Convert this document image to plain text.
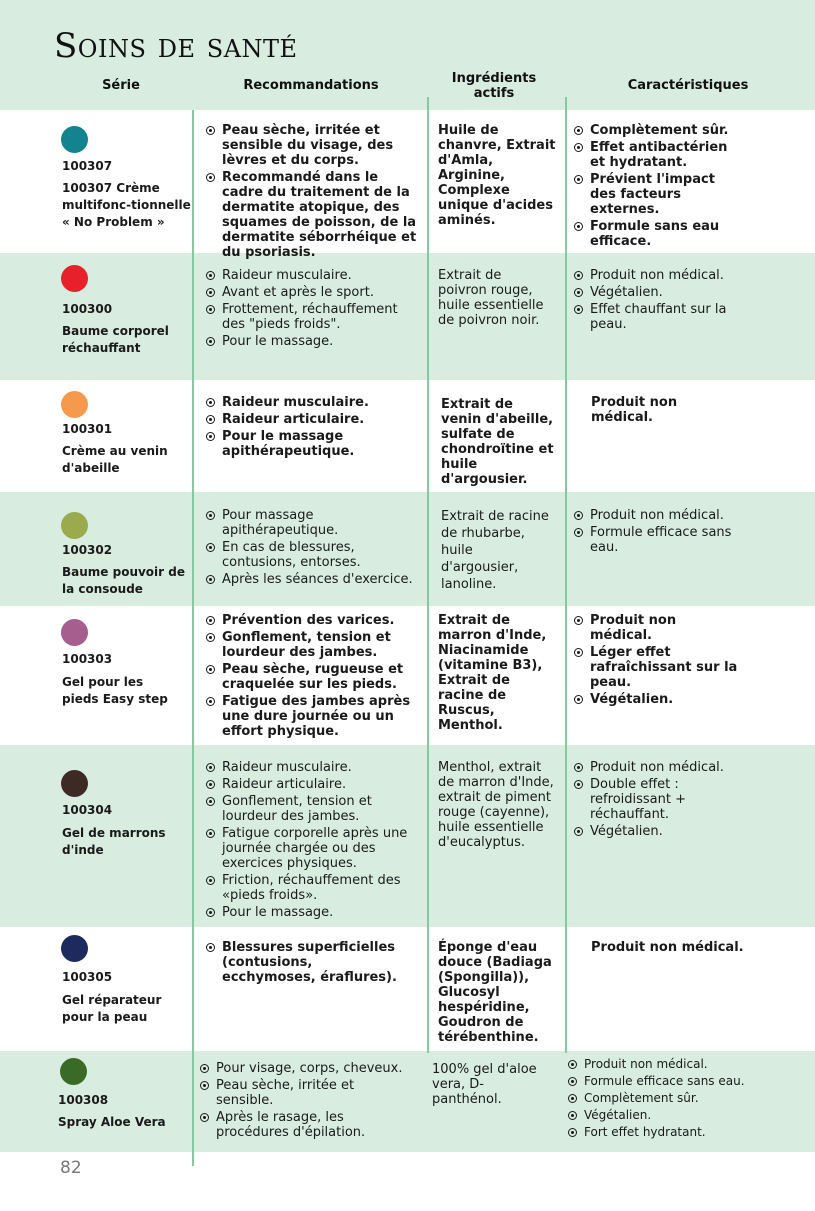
Soins de santé
Série	Recommandations	Ingrédients
actifs
Caractéristiques
100307
100307 Crème multifonc-tionnelle « No Problem »
Peau sèche, irritée et sensible du visage, des lèvres et du corps.
Recommandé dans le cadre du traitement de la dermatite atopique, des squames de poisson, de la dermatite séborrhéique et du psoriasis.
Huile de chanvre, Extrait d'Amla, Arginine, Complexe unique d'acides aminés.
Complètement sûr.
Effet antibactérien et hydratant.
Prévient l'impact des facteurs externes.
Formule sans eau efficace.
100300
Baume corporel réchauffant
Raideur musculaire.
Avant et après le sport.
Frottement, réchauffement des "pieds froids".
Pour le massage.
Extrait de poivron rouge, huile essentielle de poivron noir.
Produit non médical.
Végétalien.
Effet chauffant sur la peau.
100301
Crème au venin d'abeille
Raideur musculaire.
Raideur articulaire.
Pour le massage apithérapeutique.
Extrait de venin d'abeille, sulfate de chondroïtine et huile d'argousier.
Produit non médical.
100302
Baume pouvoir de la consoude
Pour massage apithérapeutique.
En cas de blessures, contusions, entorses.
Après les séances d'exercice.
Extrait de racine de rhubarbe, huile d'argousier, lanoline.
Produit non médical.
Formule efficace sans eau.
100303
Gel pour les pieds Easy step
Prévention des varices.
Gonflement, tension et lourdeur des jambes.
Peau sèche, rugueuse et craquelée sur les pieds.
Fatigue des jambes après une dure journée ou un effort physique.
Extrait de marron d'Inde, Niacinamide (vitamine B3), Extrait de racine de Ruscus, Menthol.
Produit non médical.
Léger effet rafraîchissant sur la peau.
Végétalien.
100304
Gel de marrons d'inde
Raideur musculaire.
Raideur articulaire.
Gonflement, tension et lourdeur des jambes.
Fatigue corporelle après une journée chargée ou des exercices physiques.
Friction, réchauffement des «pieds froids».
Pour le massage.
Menthol, extrait de marron d'Inde, extrait de piment rouge (cayenne), huile essentielle d'eucalyptus.
Produit non médical.
Double effet : refroidissant + réchauffant.
Végétalien.
100305
Gel réparateur pour la peau
Blessures superficielles (contusions, ecchymoses, éraflures).
Éponge d'eau douce (Badiaga (Spongilla)), Glucosyl hespéridine, Goudron de térébenthine.
Produit non médical.
100308
Spray Aloe Vera
Pour visage, corps, cheveux.
Peau sèche, irritée et sensible.
Après le rasage, les procédures d'épilation.
100% gel d'aloe vera, D-panthénol.
Produit non médical.
Formule efficace sans eau.
Complètement sûr.
Végétalien.
Fort effet hydratant.
82
